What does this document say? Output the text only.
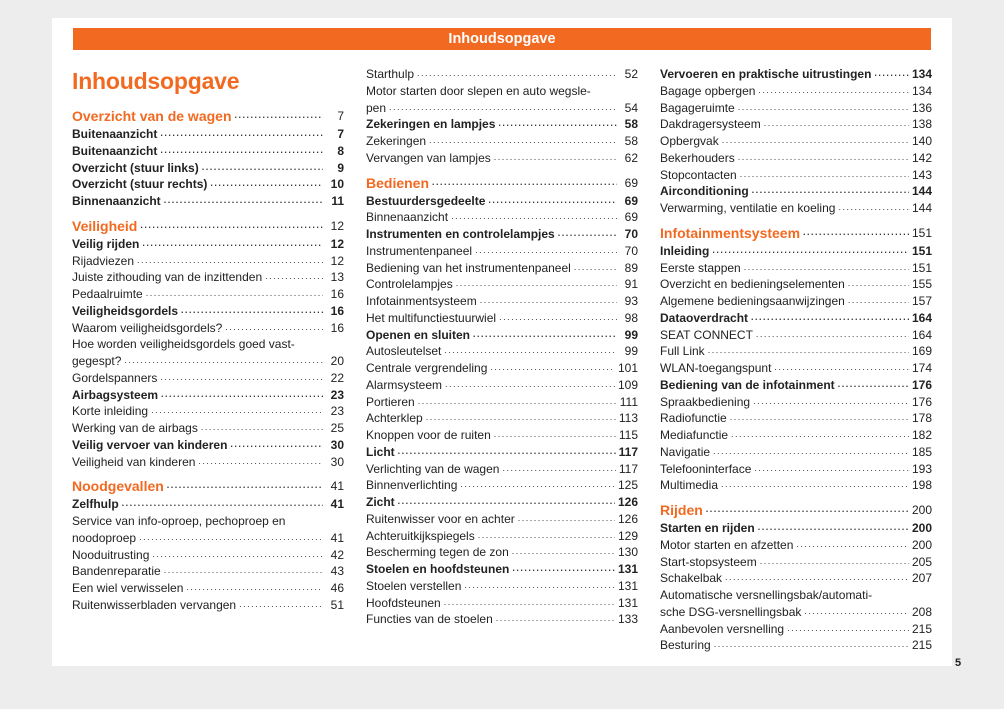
Inhoudsopgave
Inhoudsopgave
Overzicht van de wagen . . .	7
Buitenaanzicht . . .	7
Buitenaanzicht . . .	8
Overzicht (stuur links) . . .	9
Overzicht (stuur rechts) . . .	10
Binnenaanzicht . . .	11
Veiligheid . . .	12
Veilig rijden . . .	12
Rijadviezen . . .	12
Juiste zithouding van de inzittenden . . .	13
Pedaalruimte . . .	16
Veiligheidsgordels . . .	16
Waarom veiligheidsgordels? . . .	16
Hoe worden veiligheidsgordels goed vast-
gegespt? . . .	20
Gordelspanners . . .	22
Airbagsysteem . . .	23
Korte inleiding . . .	23
Werking van de airbags . . .	25
Veilig vervoer van kinderen . . .	30
Veiligheid van kinderen . . .	30
Noodgevallen . . .	41
Zelfhulp . . .	41
Service van info-oproep, pechoproep en
noodoproep . . .	41
Nooduitrusting . . .	42
Bandenreparatie . . .	43
Een wiel verwisselen . . .	46
Ruitenwisserbladen vervangen . . .	51
Starthulp . . .	52
Motor starten door slepen en auto wegsle-
pen . . .	54
Zekeringen en lampjes . . .	58
Zekeringen . . .	58
Vervangen van lampjes . . .	62
Bedienen . . .	69
Bestuurdersgedeelte . . .	69
Binnenaanzicht . . .	69
Instrumenten en controlelampjes . . .	70
Instrumentenpaneel . . .	70
Bediening van het instrumentenpaneel . . .	89
Controlelampjes . . .	91
Infotainmentsysteem . . .	93
Het multifunctiestuurwiel . . .	98
Openen en sluiten . . .	99
Autosleutelset . . .	99
Centrale vergrendeling . . .	101
Alarmsysteem . . .	109
Portieren . . .	111
Achterklep . . .	113
Knoppen voor de ruiten . . .	115
Licht . . .	117
Verlichting van de wagen . . .	117
Binnenverlichting . . .	125
Zicht . . .	126
Ruitenwisser voor en achter . . .	126
Achteruitkijkspiegels . . .	129
Bescherming tegen de zon . . .	130
Stoelen en hoofdsteunen . . .	131
Stoelen verstellen . . .	131
Hoofdsteunen . . .	131
Functies van de stoelen . . .	133
Vervoeren en praktische uitrustingen . . .	134
Bagage opbergen . . .	134
Bagageruimte . . .	136
Dakdragersysteem . . .	138
Opbergvak . . .	140
Bekerhouders . . .	142
Stopcontacten . . .	143
Airconditioning . . .	144
Verwarming, ventilatie en koeling . . .	144
Infotainmentsysteem . . .	151
Inleiding . . .	151
Eerste stappen . . .	151
Overzicht en bedieningselementen . . .	155
Algemene bedieningsaanwijzingen . . .	157
Dataoverdracht . . .	164
SEAT CONNECT . . .	164
Full Link . . .	169
WLAN-toegangspunt . . .	174
Bediening van de infotainment . . .	176
Spraakbediening . . .	176
Radiofunctie . . .	178
Mediafunctie . . .	182
Navigatie . . .	185
Telefooninterface . . .	193
Multimedia . . .	198
Rijden . . .	200
Starten en rijden . . .	200
Motor starten en afzetten . . .	200
Start-stopsysteem . . .	205
Schakelbak . . .	207
Automatische versnellingsbak/automati-
sche DSG-versnellingsbak . . .	208
Aanbevolen versnelling . . .	215
Besturing . . .	215
5
